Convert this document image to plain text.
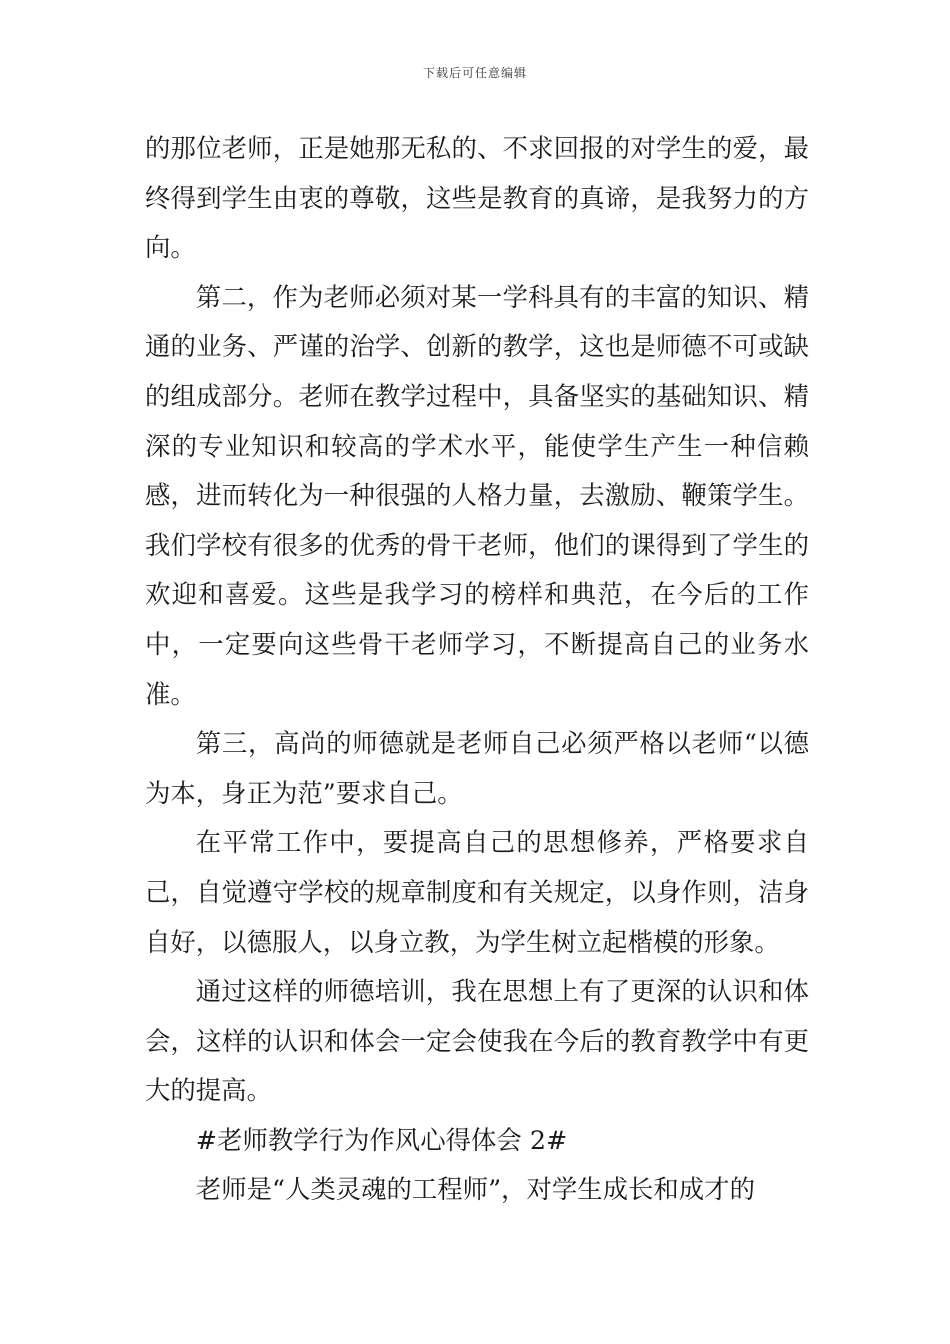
下载后可任意编辑

的那位老师，正是她那无私的、不求回报的对学生的爱，最终得到学生由衷的尊敬，这些是教育的真谛，是我努力的方向。

第二，作为老师必须对某一学科具有的丰富的知识、精通的业务、严谨的治学、创新的教学，这也是师德不可或缺的组成部分。老师在教学过程中，具备坚实的基础知识、精深的专业知识和较高的学术水平，能使学生产生一种信赖感，进而转化为一种很强的人格力量，去激励、鞭策学生。我们学校有很多的优秀的骨干老师，他们的课得到了学生的欢迎和喜爱。这些是我学习的榜样和典范，在今后的工作中，一定要向这些骨干老师学习，不断提高自己的业务水准。

第三，高尚的师德就是老师自己必须严格以老师“以德为本，身正为范”要求自己。

在平常工作中，要提高自己的思想修养，严格要求自己，自觉遵守学校的规章制度和有关规定，以身作则，洁身自好，以德服人，以身立教，为学生树立起楷模的形象。

通过这样的师德培训，我在思想上有了更深的认识和体会，这样的认识和体会一定会使我在今后的教育教学中有更大的提高。

#老师教学行为作风心得体会 2#

老师是“人类灵魂的工程师”，对学生成长和成才的
